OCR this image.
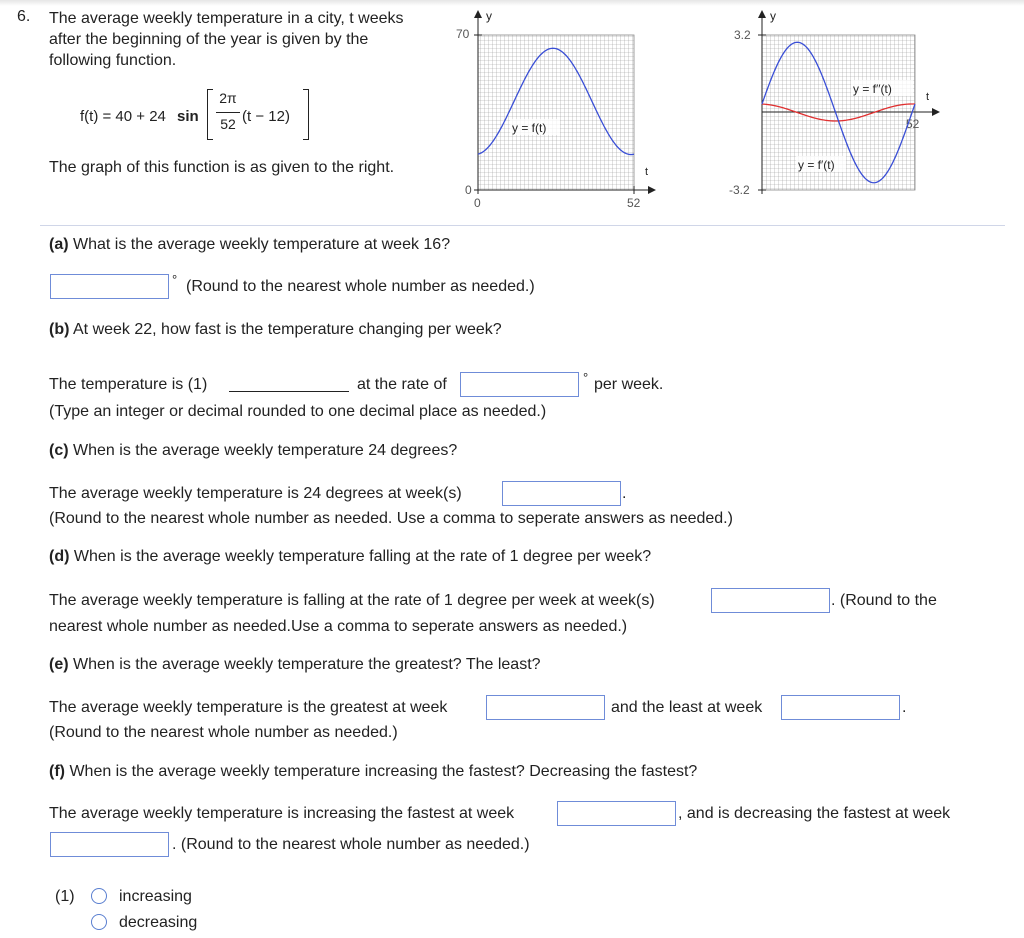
6. The average weekly temperature in a city, t weeks
after the beginning of the year is given by the
following function.
f(t) = 40 + 24 sin
2π
52 (t − 12)
The graph of this function is as given to the right.
y
t
70
0
0	52
y = f(t)
y
t
3.2
-3.2
52
y = f′′(t)
y = f′(t)
(a) What is the average weekly temperature at week 16?
° (Round to the nearest whole number as needed.)
(b) At week 22, how fast is the temperature changing per week?
The temperature is (1)	at the rate of	° per week.
(Type an integer or decimal rounded to one decimal place as needed.)
(c) When is the average weekly temperature 24 degrees?
The average weekly temperature is 24 degrees at week(s)	.
(Round to the nearest whole number as needed. Use a comma to seperate answers as needed.)
(d) When is the average weekly temperature falling at the rate of 1 degree per week?
The average weekly temperature is falling at the rate of 1 degree per week at week(s)	. (Round to the
nearest whole number as needed.Use a comma to seperate answers as needed.)
(e) When is the average weekly temperature the greatest? The least?
The average weekly temperature is the greatest at week	and the least at week	.
(Round to the nearest whole number as needed.)
(f) When is the average weekly temperature increasing the fastest? Decreasing the fastest?
The average weekly temperature is increasing the fastest at week	, and is decreasing the fastest at week
. (Round to the nearest whole number as needed.)
(1)	increasing
decreasing
